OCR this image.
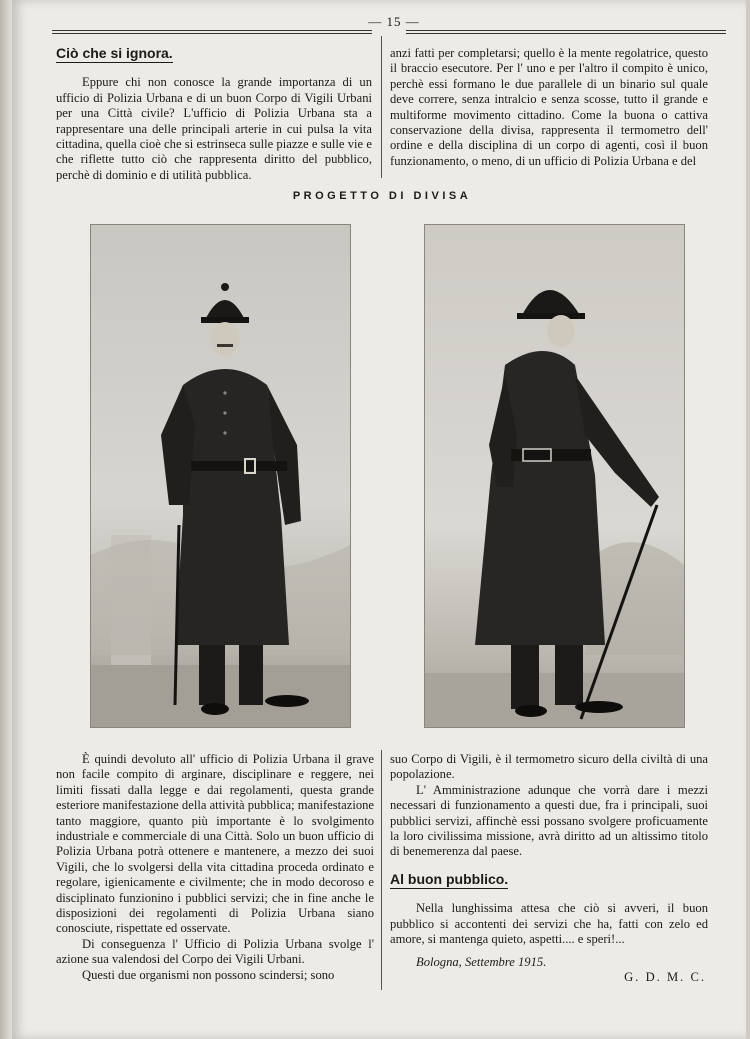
— 15 —
Ciò che si ignora.

Eppure chi non conosce la grande importanza di un ufficio di Polizia Urbana e di un buon Corpo di Vigili Urbani per una Città civile? L'ufficio di Polizia Urbana sta a rappresentare una delle principali arterie in cui pulsa la vita cittadina, quella cioè che si estrinseca sulle piazze e sulle vie e che riflette tutto ciò che rappresenta diritto del pubblico, perchè di dominio e di utilità pubblica.

anzi fatti per completarsi; quello è la mente regolatrice, questo il braccio esecutore. Per l' uno e per l'altro il compito è unico, perchè essi formano le due parallele di un binario sul quale deve correre, senza intralcio e senza scosse, tutto il grande e multiforme movimento cittadino. Come la buona o cattiva conservazione della divisa, rappresenta il termometro dell' ordine e della disciplina di un corpo di agenti, così il buon funzionamento, o meno, di un ufficio di Polizia Urbana e del

PROGETTO DI DIVISA

È quindi devoluto all' ufficio di Polizia Urbana il grave non facile compito di arginare, disciplinare e reggere, nei limiti fissati dalla legge e dai regolamenti, questa grande esteriore manifestazione della attività pubblica; manifestazione tanto maggiore, quanto più importante è lo svolgimento industriale e commerciale di una Città. Solo un buon ufficio di Polizia Urbana potrà ottenere e mantenere, a mezzo dei suoi Vigili, che lo svolgersi della vita cittadina proceda ordinato e regolare, igienicamente e civilmente; che in modo decoroso e disciplinato funzionino i pubblici servizi; che in fine anche le disposizioni dei regolamenti di Polizia Urbana siano conosciute, rispettate ed osservate.

Di conseguenza l' Ufficio di Polizia Urbana svolge l' azione sua valendosi del Corpo dei Vigili Urbani.

Questi due organismi non possono scindersi; sono

suo Corpo di Vigili, è il termometro sicuro della civiltà di una popolazione.

L' Amministrazione adunque che vorrà dare i mezzi necessari di funzionamento a questi due, fra i principali, suoi pubblici servizi, affinchè essi possano svolgere proficuamente la loro civilissima missione, avrà diritto ad un altissimo titolo di benemerenza dal paese.

Al buon pubblico.

Nella lunghissima attesa che ciò si avveri, il buon pubblico si accontenti dei servizi che ha, fatti con zelo ed amore, si mantenga quieto, aspetti.... e speri!...

Bologna, Settembre 1915.

G. D. M. C.
